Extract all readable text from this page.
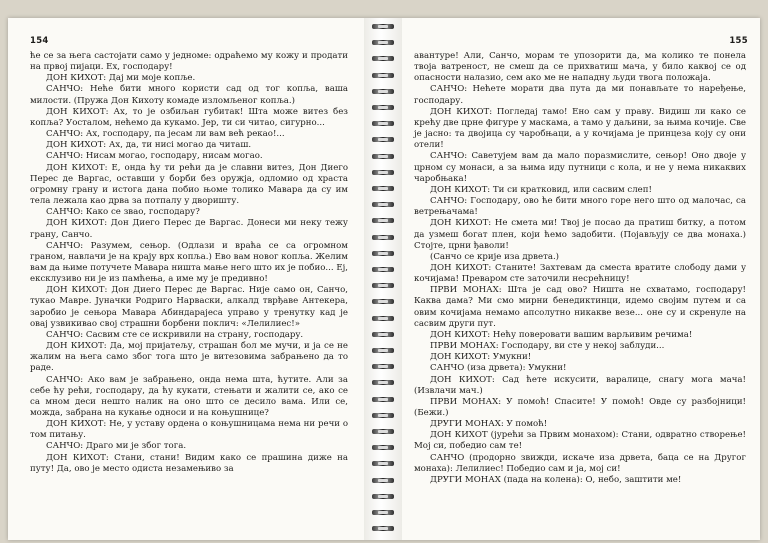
154

ће се за њега састојати само у једноме: одраћемо му кожу и продати на првој пијаци. Ех, господару!

ДОН КИХОТ: Дај ми моје копље.

САНЧО: Неће бити много користи сад од тог копља, ваша милости. (Пружа Дон Кихоту комаде изломљеног копља.)

ДОН КИХОТ: Ах, то је озбиљан губитак! Шта може витез без копља? Уосталом, нећемо да кукамо. Јер, ти си читао, сигурно...

САНЧО: Ах, господару, па јесам ли вам већ рекао!...

ДОН КИХОТ: Ах, да, ти нисi могао да читаш.

САНЧО: Нисам могао, господару, нисам могао.

ДОН КИХОТ: Е, онда ћу ти рећи да је славни витез, Дон Диего Перес де Варгас, оставши у борби без оружја, одломио од храста огромну грану и истога дана побио њоме толико Мавара да су им тела лежала као дрва за потпалу у дворишту.

САНЧО: Како се звао, господару?

ДОН КИХОТ: Дон Диего Перес де Варгас. Донеси ми неку тежу грану, Санчо.

САНЧО: Разумем, сењор. (Одлази и враћа се са огромном граном, навлачи је на крају врх копља.) Ево вам новог копља. Желим вам да њиме потучете Мавара ништа мање него што их је побио... Еј, ексклузиво ни је из памћења, а име му је предивно!

ДОН КИХОТ: Дон Диего Перес де Варгас. Није само он, Санчо, тукао Мавре. Јуначки Родриго Нарваски, алкалд тврђаве Антекера, заробио је сењора Мавара Абиндарајеса управо у тренутку кад је овај узвикивао свој страшни борбени поклич: «Лелилиес!»

САНЧО: Сасвим сте се искривили на страну, господару.

ДОН КИХОТ: Да, мој пријатељу, страшан бол ме мучи, и ја се не жалим на њега само због тога што је витезовима забрањено да то раде.

САНЧО: Ако вам је забрањено, онда нема шта, ћутите. Али за себе ћу рећи, господару, да ћу кукати, стењати и жалити се, ако се са мном деси нешто налик на оно што се десило вама. Или се, можда, забрана на кукање односи и на коњушнице?

ДОН КИХОТ: Не, у уставу ордена о коњушницама нема ни речи о том питању.

САНЧО: Драго ми је због тога.

ДОН КИХОТ: Стани, стани! Видим како се прашина диже на путу! Да, ово је место одиста незамењиво за

155

авантуре! Али, Санчо, морам те упозорити да, ма колико те понела твоја ватреност, не смеш да се прихватиш мача, у било каквој се од опасности налазио, сем ако ме не нападну људи твога положаја.

САНЧО: Нећете морати два пута да ми понављате то наређење, господару.

ДОН КИХОТ: Погледај тамо! Ено сам у праву. Видиш ли како се крећу две црне фигуре у маскама, а тамо у даљини, за њима кочије. Све је јасно: та двојица су чаробњаци, а у кочијама је принцеза коју су они отели!

САНЧО: Саветујем вам да мало поразмислите, сењор! Оно двоје у црном су монаси, а за њима иду путници с кола, и не у нема никаквих чаробњака!

ДОН КИХОТ: Ти си кратковид, или сасвим слеп!

САНЧО: Господару, ово ће бити много горе него што од малочас, са ветрењачама!

ДОН КИХОТ: Не смета ми! Твој је посао да пратиш битку, а потом да узмеш богат плен, који ћемо задобити. (Појављују се два монаха.) Стојте, црни ђаволи!

(Санчо се крије иза дрвета.)

ДОН КИХОТ: Станите! Захтевам да сместа вратите слободу дами у кочијама! Преваром сте заточили несрећницу!

ПРВИ МОНАХ: Шта је сад ово? Ништа не схватамо, господару! Каква дама? Ми смо мирни бенедиктинци, идемо својим путем и са овим кочијама немамо апсолутно никакве везе... оне су и скренуле на сасвим други пут.

ДОН КИХОТ: Нећу поверовати вашим варљивим речима!

ПРВИ МОНАХ: Господару, ви сте у некој заблуди...

ДОН КИХОТ: Умукни!

САНЧО (иза дрвета): Умукни!

ДОН КИХОТ: Сад ћете искусити, варалице, снагу мога мача! (Извлачи мач.)

ПРВИ МОНАХ: У помоћ! Спасите! У помоћ! Овде су разбојници! (Бежи.)

ДРУГИ МОНАХ: У помоћ!

ДОН КИХОТ (јурећи за Првим монахом): Стани, одвратно створење! Мој си, победио сам те!

САНЧО (продорно звижди, искаче иза дрвета, баца се на Другог монаха): Лелилиес! Победио сам и ја, мој си!

ДРУГИ МОНАХ (пада на колена): О, небо, заштити ме!
